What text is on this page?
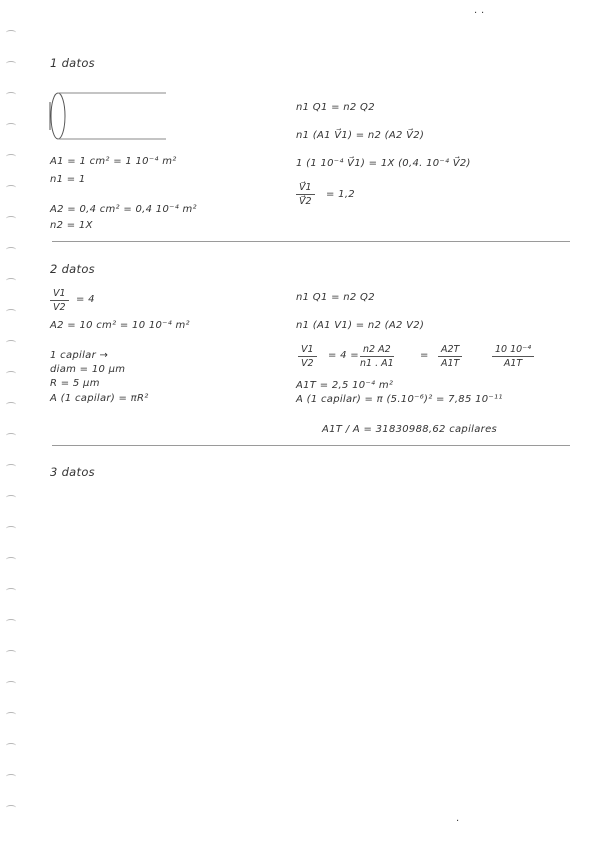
· ·
1 datos
A1 = 1 cm² = 1 10⁻⁴ m²
n1 = 1
A2 = 0,4 cm² = 0,4 10⁻⁴ m²
n2 = 1X
n1 Q1 = n2 Q2
n1 (A1 V⃗1) = n2 (A2 V⃗2)
1 (1 10⁻⁴ V⃗1) = 1X (0,4. 10⁻⁴ V⃗2)
$\frac{V⃗1}{V⃗2} = 1,2$
2 datos
$\frac{V1}{V2} = 4$
A2 = 10 cm² = 10 10⁻⁴ m²
1 capilar →
diam = 10 μm
R = 5 μm
A (1 capilar) = πR²
n1 Q1 = n2 Q2
n1 (A1 V1) = n2 (A2 V2)
$\frac{V1}{V2} = 4 = \frac{n2 A2}{n1 . A1}$	= $\frac{A2T}{A1T}$	$\frac{\text{10 10⁻⁴}}{A1T}$
A1T = 2,5 10⁻⁴ m²
A (1 capilar) = π (5.10⁻⁶)² = 7,85 10⁻¹¹
A1T / A = 31830988,62 capilares
3 datos
·
